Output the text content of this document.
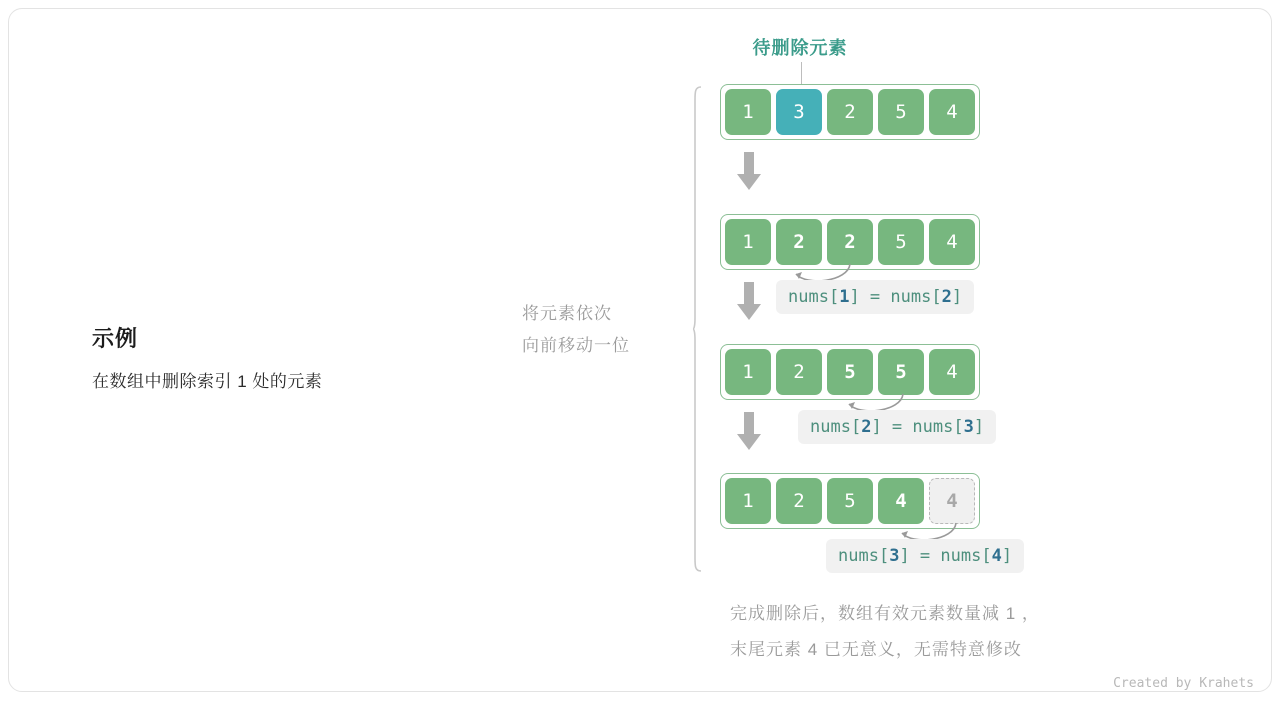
示例
在数组中删除索引 1 处的元素
将元素依次
向前移动一位
待删除元素
1	3	2	5	4
1	2	2	5	4
nums[1] = nums[2]
1	2	5	5	4
nums[2] = nums[3]
1	2	5	4	4
nums[3] = nums[4]
完成删除后，数组有效元素数量减 1 ，
末尾元素 4 已无意义，无需特意修改
Created by Krahets
